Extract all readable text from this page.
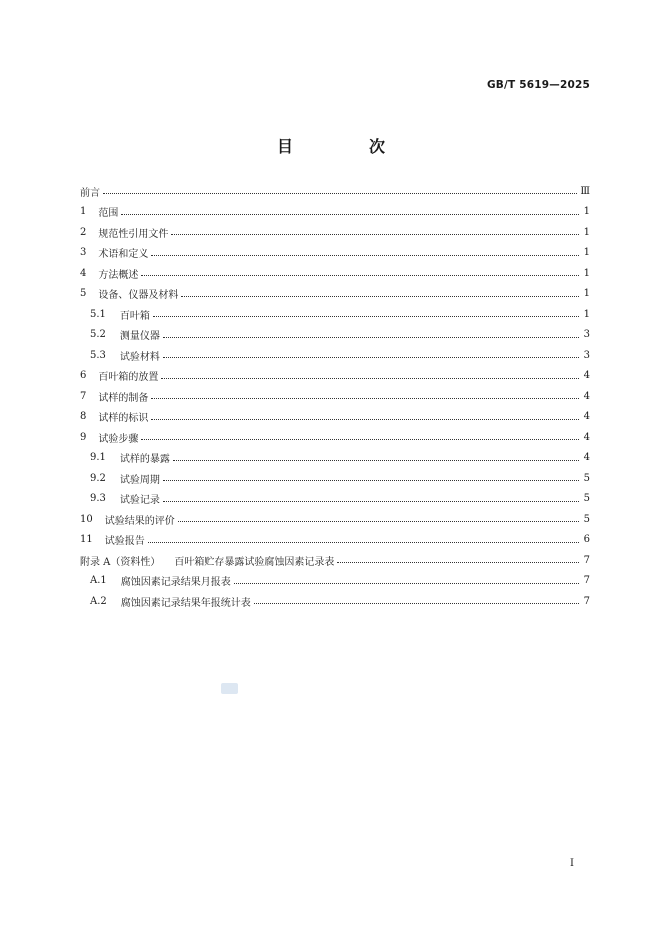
GB/T 5619—2025
目　次
前言	Ⅲ
1 范围	1
2 规范性引用文件	1
3 术语和定义	1
4 方法概述	1
5 设备、仪器及材料	1
5.1 百叶箱	1
5.2 测量仪器	3
5.3 试验材料	3
6 百叶箱的放置	4
7 试样的制备	4
8 试样的标识	4
9 试验步骤	4
9.1 试样的暴露	4
9.2 试验周期	5
9.3 试验记录	5
10 试验结果的评价	5
11 试验报告	6
附录 A（资料性） 百叶箱贮存暴露试验腐蚀因素记录表	7
A.1 腐蚀因素记录结果月报表	7
A.2 腐蚀因素记录结果年报统计表	7
I
